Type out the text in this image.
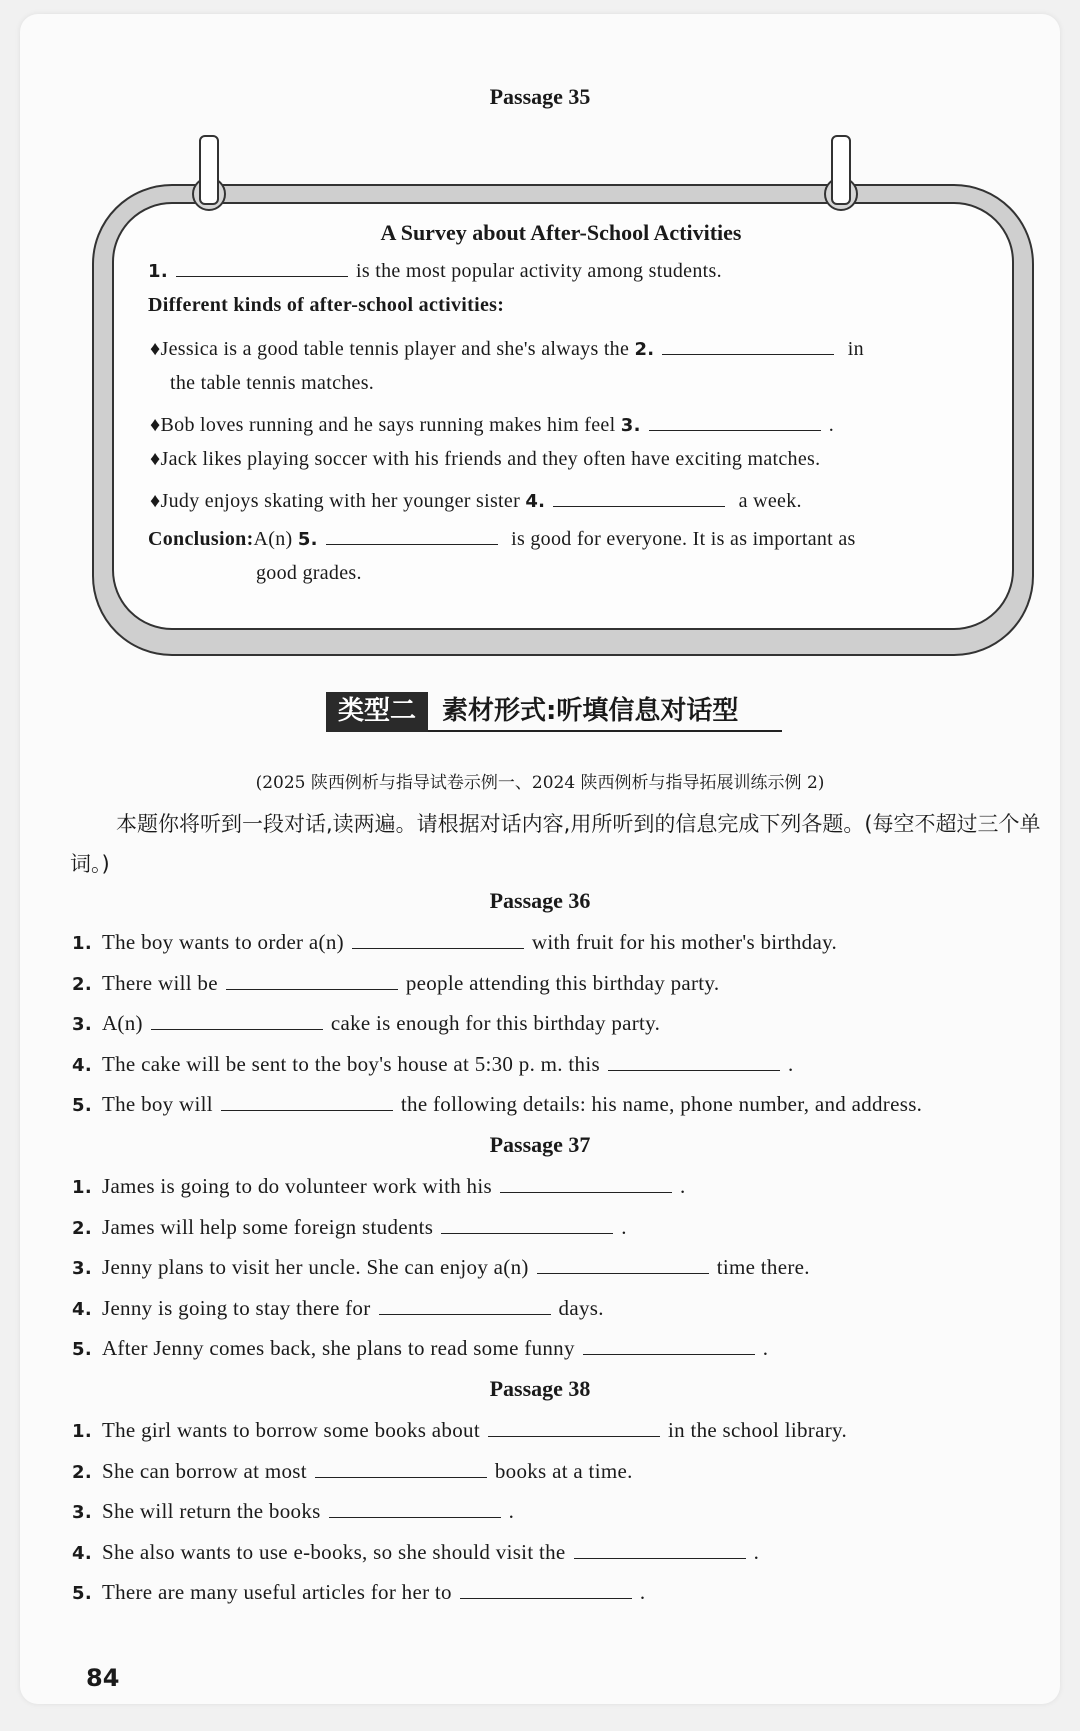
Passage 35
A Survey about After-School Activities
1.	is the most popular activity among students.
Different kinds of after-school activities:
♦Jessica is a good table tennis player and she's always the 2.	in
the table tennis matches.
♦Bob loves running and he says running makes him feel 3.	.
♦Jack likes playing soccer with his friends and they often have exciting matches.
♦Judy enjoys skating with her younger sister 4.	a week.
Conclusion:A(n) 5.	is good for everyone. It is as important as
good grades.
类型二	素材形式:听填信息对话型
(2025 陕西例析与指导试卷示例一、2024 陕西例析与指导拓展训练示例 2)
本题你将听到一段对话,读两遍。请根据对话内容,用所听到的信息完成下列各题。(每空不超过三个单词。)
Passage 36
1. The boy wants to order a(n)	with fruit for his mother's birthday.
2. There will be	people attending this birthday party.
3. A(n)	cake is enough for this birthday party.
4. The cake will be sent to the boy's house at 5:30 p. m. this	.
5. The boy will	the following details: his name, phone number, and address.
Passage 37
1. James is going to do volunteer work with his	.
2. James will help some foreign students	.
3. Jenny plans to visit her uncle. She can enjoy a(n)	time there.
4. Jenny is going to stay there for	days.
5. After Jenny comes back, she plans to read some funny	.
Passage 38
1. The girl wants to borrow some books about	in the school library.
2. She can borrow at most	books at a time.
3. She will return the books	.
4. She also wants to use e-books, so she should visit the	.
5. There are many useful articles for her to	.
84
